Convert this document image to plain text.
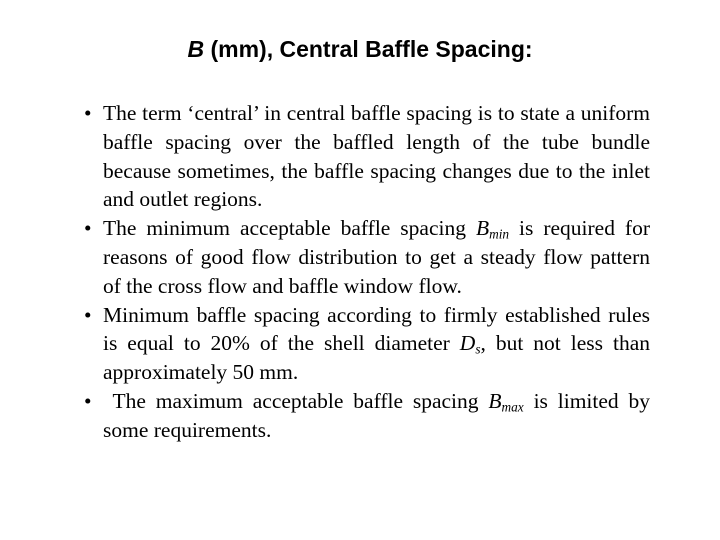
B (mm), Central Baffle Spacing:
• The term ‘central’ in central baffle spacing is to state a uniform baffle spacing over the baffled length of the tube bundle because sometimes, the baffle spacing changes due to the inlet and outlet regions.
• The minimum acceptable baffle spacing $B_{min}$ is required for reasons of good flow distribution to get a steady flow pattern of the cross flow and baffle window flow.
• Minimum baffle spacing according to firmly established rules is equal to 20% of the shell diameter $D_s$, but not less than approximately 50 mm.
• The maximum acceptable baffle spacing $B_{max}$ is limited by some requirements.
